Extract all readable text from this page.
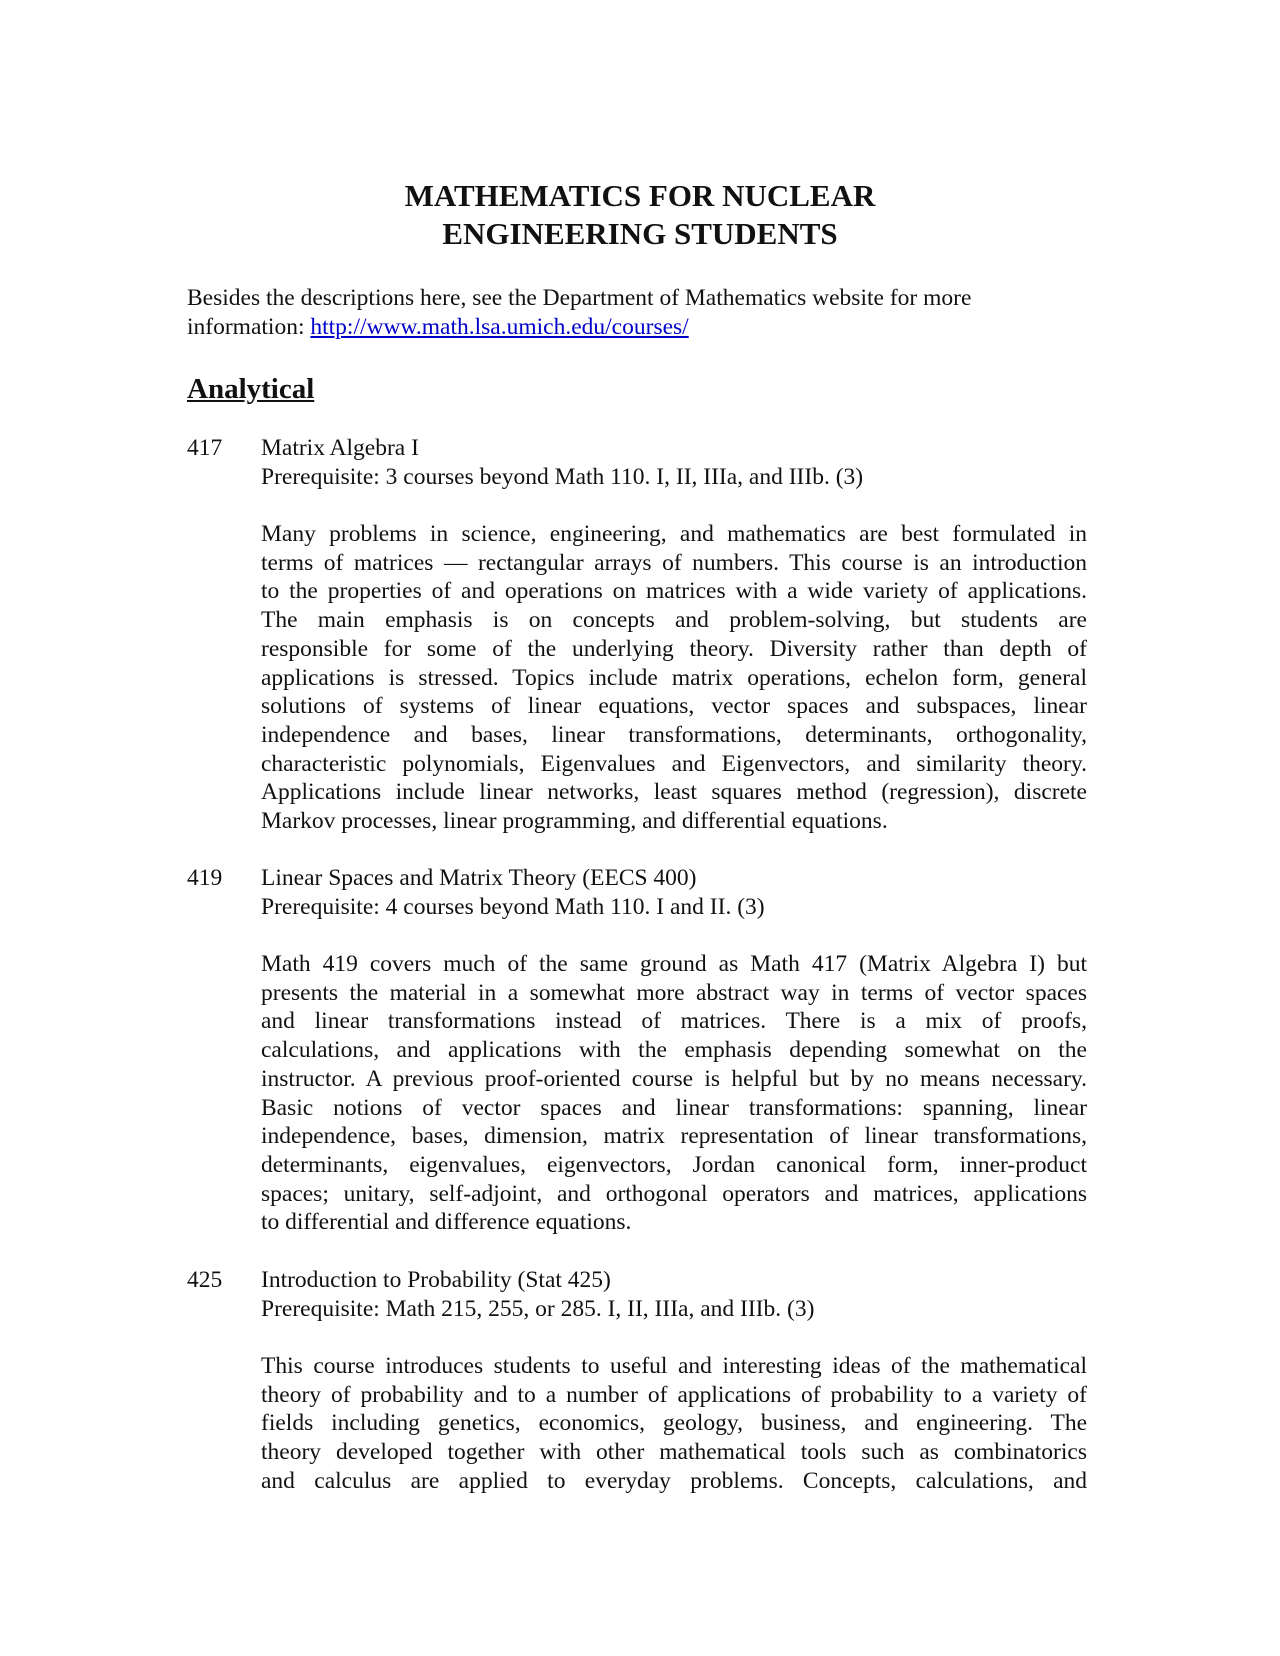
MATHEMATICS FOR NUCLEAR
ENGINEERING STUDENTS
Besides the descriptions here, see the Department of Mathematics website for more information: http://www.math.lsa.umich.edu/courses/
Analytical
417	Matrix Algebra I
Prerequisite: 3 courses beyond Math 110. I, II, IIIa, and IIIb. (3)
Many problems in science, engineering, and mathematics are best formulated in
terms of matrices — rectangular arrays of numbers. This course is an introduction
to the properties of and operations on matrices with a wide variety of applications.
The main emphasis is on concepts and problem-solving, but students are
responsible for some of the underlying theory. Diversity rather than depth of
applications is stressed. Topics include matrix operations, echelon form, general
solutions of systems of linear equations, vector spaces and subspaces, linear
independence and bases, linear transformations, determinants, orthogonality,
characteristic polynomials, Eigenvalues and Eigenvectors, and similarity theory.
Applications include linear networks, least squares method (regression), discrete
Markov processes, linear programming, and differential equations.
419	Linear Spaces and Matrix Theory (EECS 400)
Prerequisite: 4 courses beyond Math 110. I and II. (3)
Math 419 covers much of the same ground as Math 417 (Matrix Algebra I) but
presents the material in a somewhat more abstract way in terms of vector spaces
and linear transformations instead of matrices. There is a mix of proofs,
calculations, and applications with the emphasis depending somewhat on the
instructor. A previous proof-oriented course is helpful but by no means necessary.
Basic notions of vector spaces and linear transformations: spanning, linear
independence, bases, dimension, matrix representation of linear transformations,
determinants, eigenvalues, eigenvectors, Jordan canonical form, inner-product
spaces; unitary, self-adjoint, and orthogonal operators and matrices, applications
to differential and difference equations.
425	Introduction to Probability (Stat 425)
Prerequisite: Math 215, 255, or 285. I, II, IIIa, and IIIb. (3)
This course introduces students to useful and interesting ideas of the mathematical
theory of probability and to a number of applications of probability to a variety of
fields including genetics, economics, geology, business, and engineering. The
theory developed together with other mathematical tools such as combinatorics
and calculus are applied to everyday problems. Concepts, calculations, and
